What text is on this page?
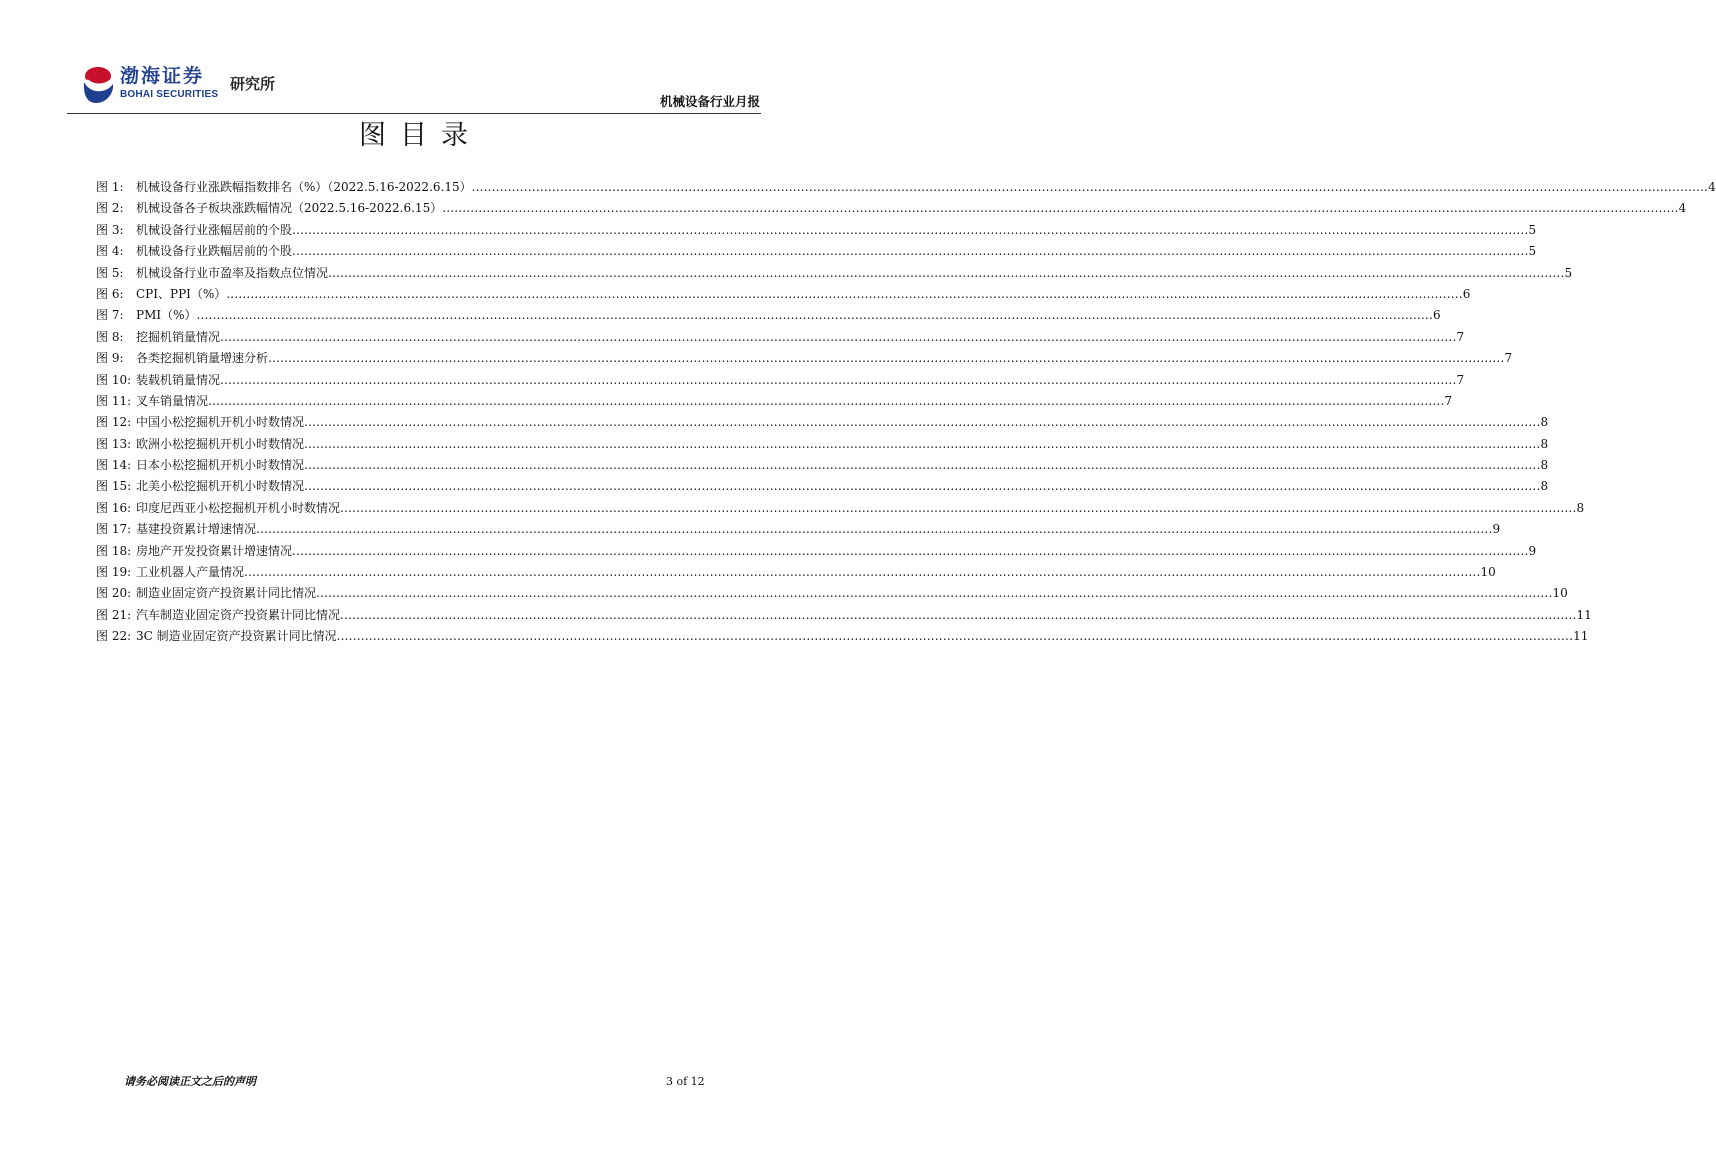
渤海证券
BOHAI SECURITIES
研究所
机械设备行业月报
图目录
图 1:	机械设备行业涨跌幅指数排名（%）（2022.5.16-2022.6.15） .....	4
图 2:	机械设备各子板块涨跌幅情况（2022.5.16-2022.6.15） .....	4
图 3:	机械设备行业涨幅居前的个股 .....	5
图 4:	机械设备行业跌幅居前的个股 .....	5
图 5:	机械设备行业市盈率及指数点位情况 .....	5
图 6:	CPI、PPI（%） .....	6
图 7:	PMI（%） .....	6
图 8:	挖掘机销量情况 .....	7
图 9:	各类挖掘机销量增速分析 .....	7
图 10: 装载机销量情况 .....	7
图 11: 叉车销量情况 .....	7
图 12: 中国小松挖掘机开机小时数情况 .....	8
图 13: 欧洲小松挖掘机开机小时数情况 .....	8
图 14: 日本小松挖掘机开机小时数情况 .....	8
图 15: 北美小松挖掘机开机小时数情况 .....	8
图 16: 印度尼西亚小松挖掘机开机小时数情况 .....	8
图 17: 基建投资累计增速情况 .....	9
图 18: 房地产开发投资累计增速情况 .....	9
图 19: 工业机器人产量情况 .....	10
图 20: 制造业固定资产投资累计同比情况 .....	10
图 21: 汽车制造业固定资产投资累计同比情况 .....	11
图 22: 3C 制造业固定资产投资累计同比情况 .....	11
请务必阅读正文之后的声明	3 of 12
